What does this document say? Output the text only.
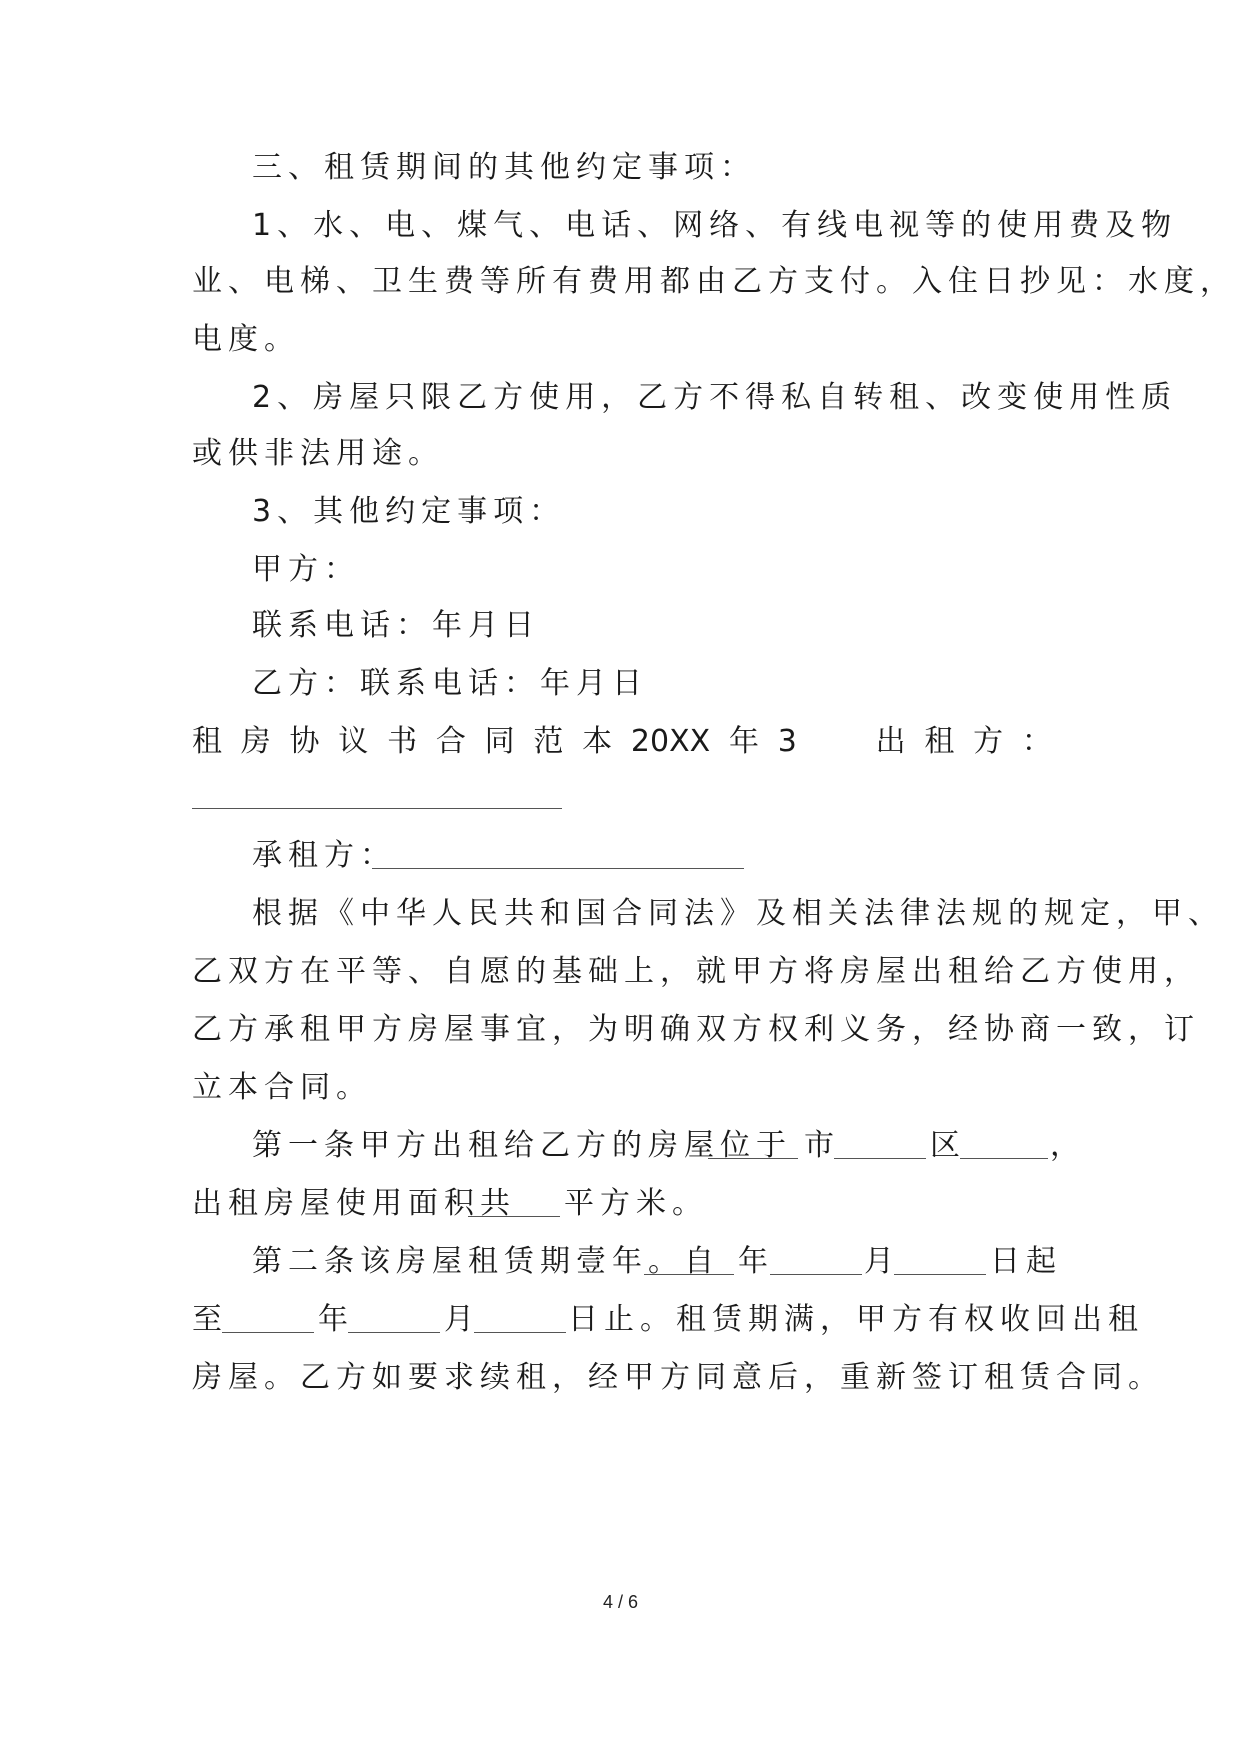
三、租赁期间的其他约定事项：
1、水、电、煤气、电话、网络、有线电视等的使用费及物
业、电梯、卫生费等所有费用都由乙方支付。入住日抄见：水度，
电度。
2、房屋只限乙方使用，乙方不得私自转租、改变使用性质
或供非法用途。
3、其他约定事项：
甲方：
联系电话：年月日
乙方：联系电话：年月日
租 房 协 议 书 合 同 范 本 20XX 年 3	出 租 方 ：
承租方：
根据《中华人民共和国合同法》及相关法律法规的规定，甲、
乙双方在平等、自愿的基础上，就甲方将房屋出租给乙方使用，
乙方承租甲方房屋事宜，为明确双方权利义务，经协商一致，订
立本合同。
第一条甲方出租给乙方的房屋位于 市	区	，
出租房屋使用面积共 平方米。
第二条该房屋租赁期壹年。自 年	月	日起
至	年	月	日止。租赁期满，甲方有权收回出租
房屋。乙方如要求续租，经甲方同意后，重新签订租赁合同。
4 / 6
